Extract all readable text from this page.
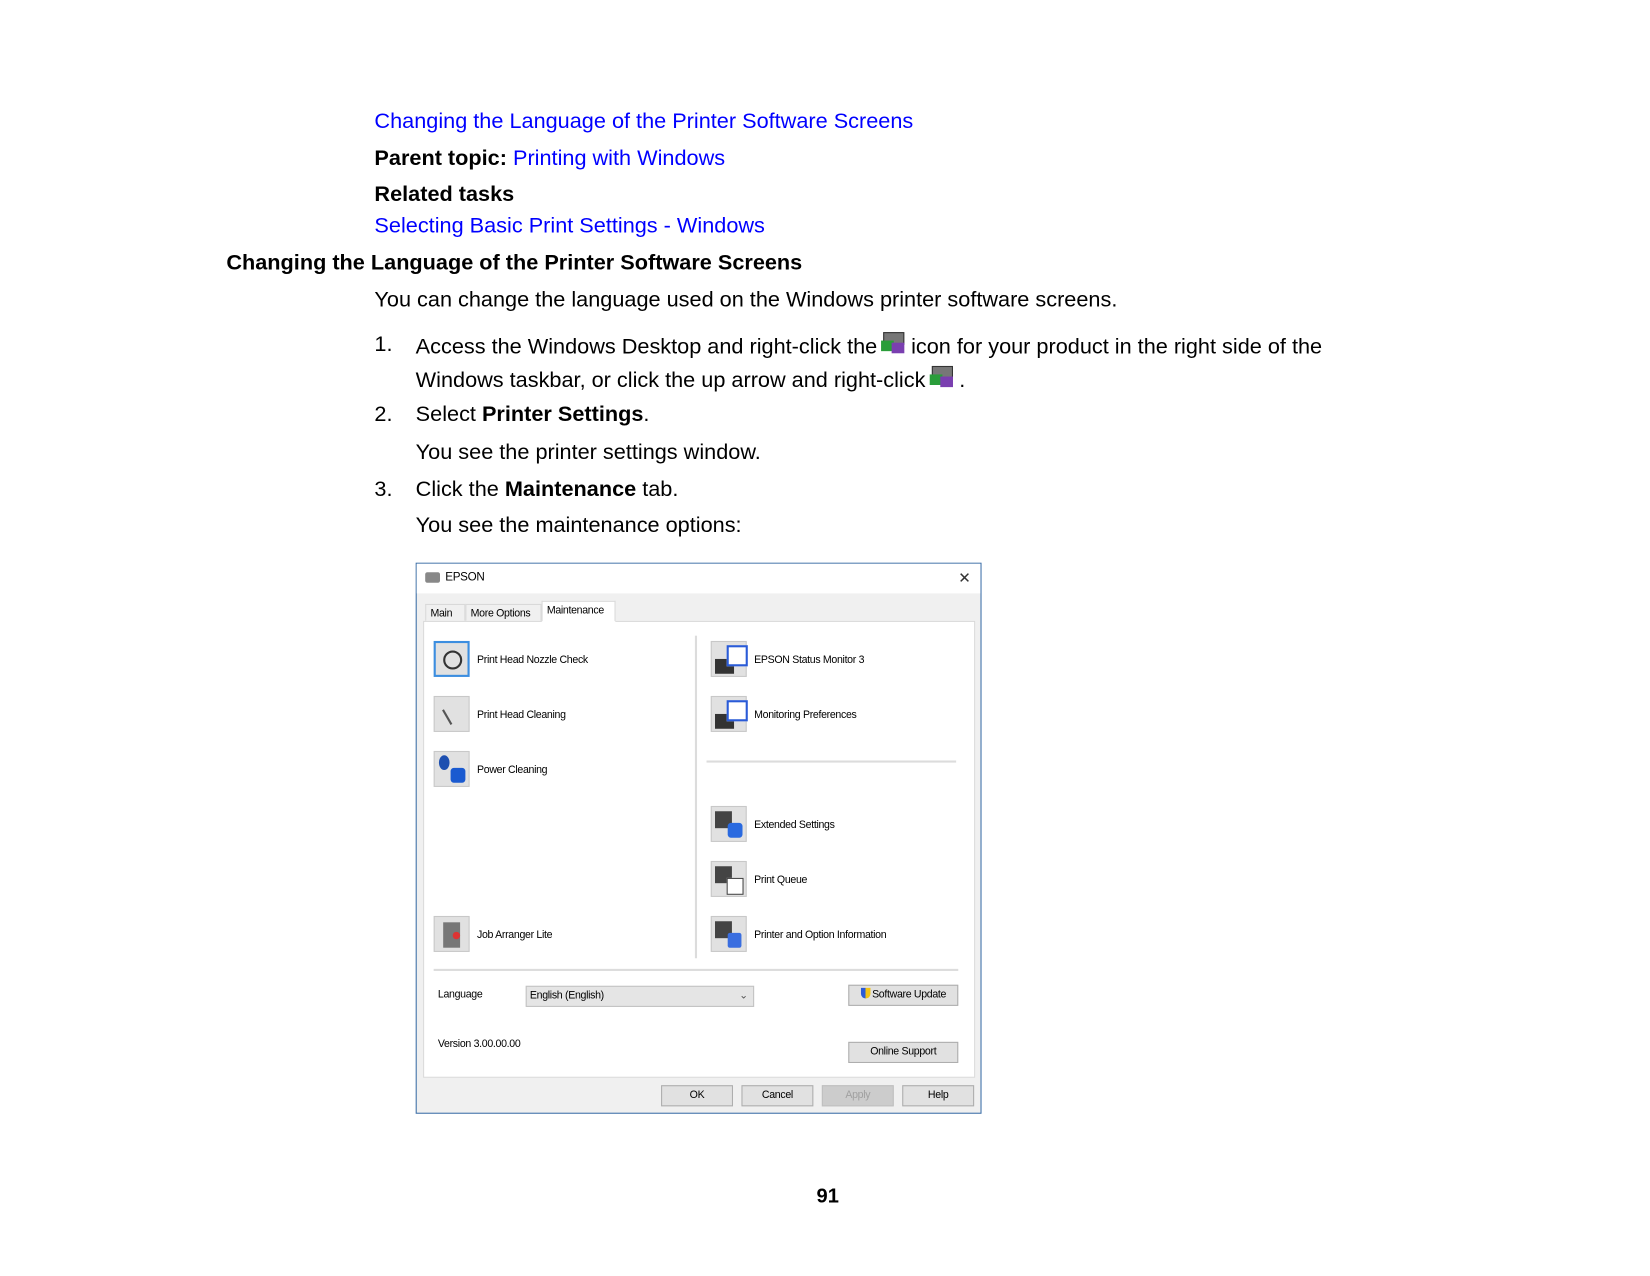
Changing the Language of the Printer Software Screens
Parent topic: Printing with Windows
Related tasks
Selecting Basic Print Settings - Windows
Changing the Language of the Printer Software Screens
You can change the language used on the Windows printer software screens.
1. Access the Windows Desktop and right-click the icon for your product in the right side of the
Windows taskbar, or click the up arrow and right-click .
2. Select Printer Settings.
You see the printer settings window.
3. Click the Maintenance tab.
You see the maintenance options:
EPSON	✕
Main	More Options	Maintenance
Print Head Nozzle Check
Print Head Cleaning
Power Cleaning
Job Arranger Lite
EPSON Status Monitor 3
Monitoring Preferences
Extended Settings
Print Queue
Printer and Option Information
Language	English (English)	⌄	Software Update
Version 3.00.00.00
Online Support
OK	Cancel	Apply	Help
91
